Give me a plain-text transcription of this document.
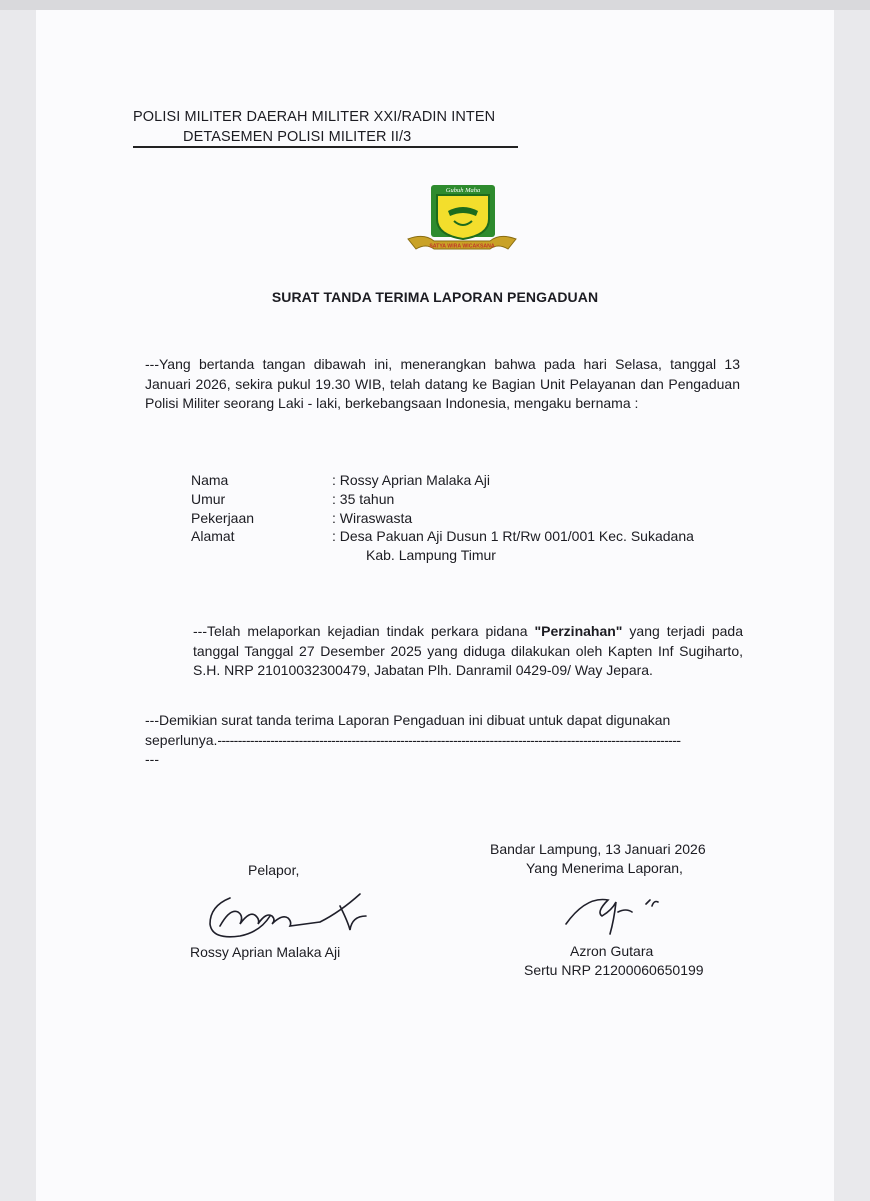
POLISI MILITER DAERAH MILITER XXI/RADIN INTEN
DETASEMEN POLISI MILITER II/3
Gubuh Maha
SATYA WIRA WICAKSANA
SURAT TANDA TERIMA LAPORAN PENGADUAN
---Yang bertanda tangan dibawah ini, menerangkan bahwa pada hari Selasa, tanggal 13 Januari 2026, sekira pukul 19.30 WIB, telah datang ke Bagian Unit Pelayanan dan Pengaduan Polisi Militer seorang Laki - laki, berkebangsaan Indonesia, mengaku bernama :
Nama	: Rossy Aprian Malaka Aji
Umur	: 35 tahun
Pekerjaan	: Wiraswasta
Alamat	: Desa Pakuan Aji Dusun 1 Rt/Rw 001/001 Kec. Sukadana
Kab. Lampung Timur
---Telah melaporkan kejadian tindak perkara pidana "Perzinahan" yang terjadi pada tanggal Tanggal 27 Desember 2025 yang diduga dilakukan oleh Kapten Inf Sugiharto, S.H. NRP 21010032300479, Jabatan Plh. Danramil 0429-09/ Way Jepara.
---Demikian surat tanda terima Laporan Pengaduan ini dibuat untuk dapat digunakan
seperlunya.------------------------------------------------------------------------------------------------------------------
---
Pelapor,
Rossy Aprian Malaka Aji
Bandar Lampung, 13 Januari 2026
Yang Menerima Laporan,
Azron Gutara
Sertu NRP 21200060650199
